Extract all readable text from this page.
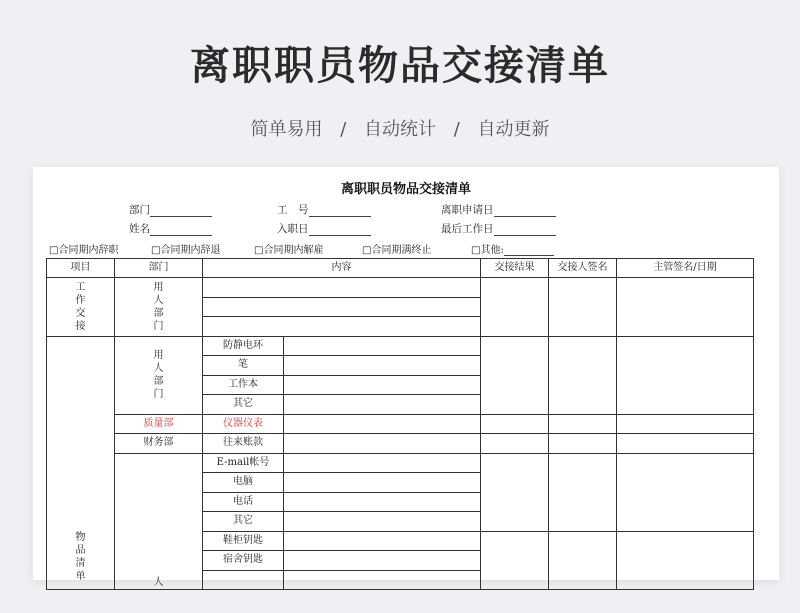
离职职员物品交接清单
简单易用 / 自动统计 / 自动更新
离职职员物品交接清单
部门	工　号	离职申请日
姓名	入职日	最后工作日
□合同期内辞职	□合同期内辞退	□合同期内解雇	□合同期满终止	□其他:
项目	部门	内容		交接结果	交接人签名	主管签名/日期
工作交接	用人部门					

物品清单	用人部门	防静电环				
		笔				
		工作本				
		其它				
	质量部	仪器仪表				
	财务部	往来账款				
	人	E-mail帐号				
		电脑				
		电话				
		其它				
		鞋柜钥匙				
		宿舍钥匙				
